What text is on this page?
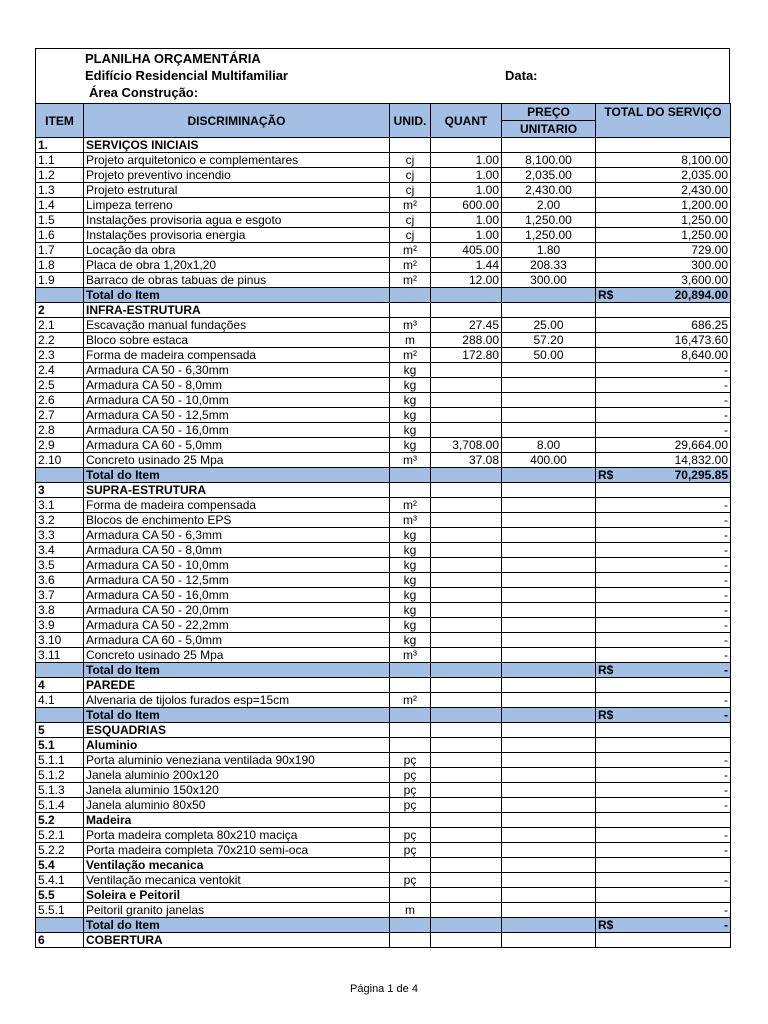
PLANILHA ORÇAMENTÁRIA
Edifício Residencial Multifamiliar
Área Construção:
Data:
ITEM	DISCRIMINAÇÃO	UNID.	QUANT	PREÇO	TOTAL DO SERVIÇO
				UNITARIO	
1.	SERVIÇOS INICIAIS				
1.1	Projeto arquitetonico e complementares	cj	1.00	8,100.00	8,100.00
1.2	Projeto preventivo incendio	cj	1.00	2,035.00	2,035.00
1.3	Projeto estrutural	cj	1.00	2,430.00	2,430.00
1.4	Limpeza terreno	m²	600.00	2.00	1,200.00
1.5	Instalações provisoria agua e esgoto	cj	1.00	1,250.00	1,250.00
1.6	Instalações provisoria energia	cj	1.00	1,250.00	1,250.00
1.7	Locação da obra	m²	405.00	1.80	729.00
1.8	Placa de obra 1,20x1,20	m²	1.44	208.33	300.00
1.9	Barraco de obras tabuas de pinus	m²	12.00	300.00	3,600.00
	Total do Item				R$ 20,894.00

2	INFRA-ESTRUTURA				
2.1	Escavação manual fundações	m³	27.45	25.00	686.25
2.2	Bloco sobre estaca	m	288.00	57.20	16,473.60
2.3	Forma de madeira compensada	m²	172.80	50.00	8,640.00
2.4	Armadura CA 50 - 6,30mm	kg			-
2.5	Armadura CA 50 - 8,0mm	kg			-
2.6	Armadura CA 50 - 10,0mm	kg			-
2.7	Armadura CA 50 - 12,5mm	kg			-
2.8	Armadura CA 50 - 16,0mm	kg			-
2.9	Armadura CA 60 - 5,0mm	kg	3,708.00	8.00	29,664.00
2.10	Concreto usinado 25 Mpa	m³	37.08	400.00	14,832.00
	Total do Item				R$ 70,295.85

3	SUPRA-ESTRUTURA				
3.1	Forma de madeira compensada	m²			-
3.2	Blocos de enchimento EPS	m³			-
3.3	Armadura CA 50 - 6,3mm	kg			-
3.4	Armadura CA 50 - 8,0mm	kg			-
3.5	Armadura CA 50 - 10,0mm	kg			-
3.6	Armadura CA 50 - 12,5mm	kg			-
3.7	Armadura CA 50 - 16,0mm	kg			-
3.8	Armadura CA 50 - 20,0mm	kg			-
3.9	Armadura CA 50 - 22,2mm	kg			-
3.10	Armadura CA 60 - 5,0mm	kg			-
3.11	Concreto usinado 25 Mpa	m³			-
	Total do Item				R$ -

4	PAREDE				
4.1	Alvenaria de tijolos furados esp=15cm	m²			-
	Total do Item				R$ -

5	ESQUADRIAS				
5.1	Aluminio				
5.1.1	Porta aluminio veneziana ventilada 90x190	pç			-
5.1.2	Janela aluminio 200x120	pç			-
5.1.3	Janela aluminio 150x120	pç			-
5.1.4	Janela aluminio 80x50	pç			-
5.2	Madeira				
5.2.1	Porta madeira completa 80x210 maciça	pç			-
5.2.2	Porta madeira completa 70x210 semi-oca	pç			-
5.4	Ventilação mecanica				
5.4.1	Ventilação mecanica ventokit	pç			-
5.5	Soleira e Peitoril				
5.5.1	Peitoril granito janelas	m			-
	Total do Item				R$ -

6	COBERTURA				
Página 1 de 4
